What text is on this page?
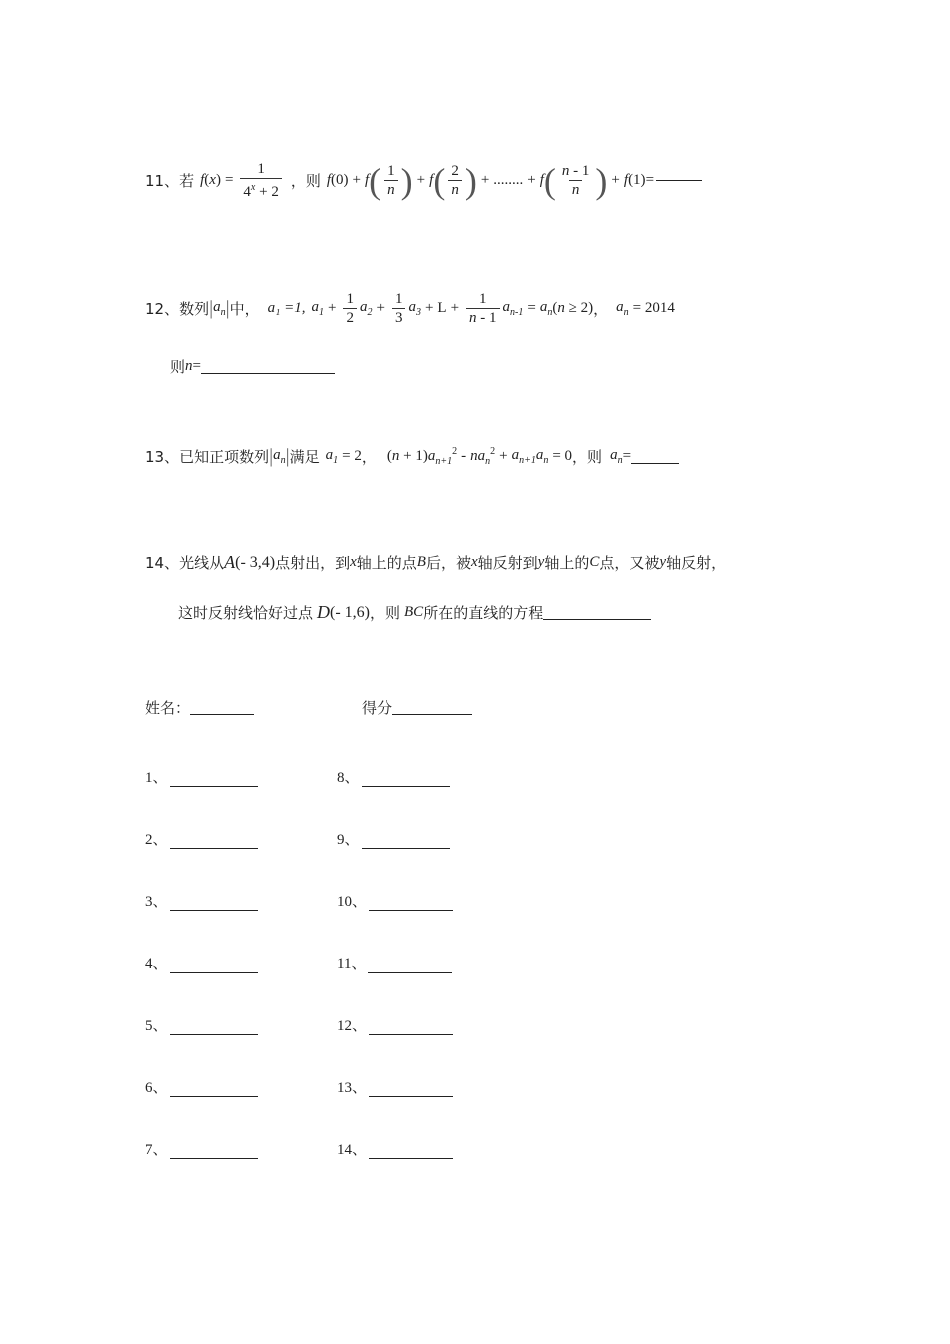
11、 若 f ( x ) = $\frac{1}{4^x + 2}$ ，则 f (0) + f ( $\frac{1}{n}$ ) + f ( $\frac{2}{n}$ ) + ........ + f ( $\frac{n - 1}{n}$ ) + f (1) =
12、 数列 | $a_n$ | 中， a₁ =1, $a_1 + \frac{1}{2} a_2 + \frac{1}{3} a_3 + L + \frac{1}{n - 1} a_{n-1} = a_n$ (n ≥ 2) ， $a_n = 2014$
则 n =
13、 已知正项数列 | $a_n$ | 满足 $a_1 = 2$ ， (n + 1) $a_{n+1}^2 - na_n^2 + a_{n+1}a_n = 0$ ，则 $a_n$ =
14、 光线从 A (- 3,4) 点射出，到 x 轴上的点 B 后，被 x 轴反射到 y 轴上的 C 点，又被 y 轴反射，
这时反射线恰好过点 D (- 1,6) ，则 BC 所在的直线的方程
姓名：	得分
1、	8、
2、	9、
3、	10、
4、	11、
5、	12、
6、	13、
7、	14、
